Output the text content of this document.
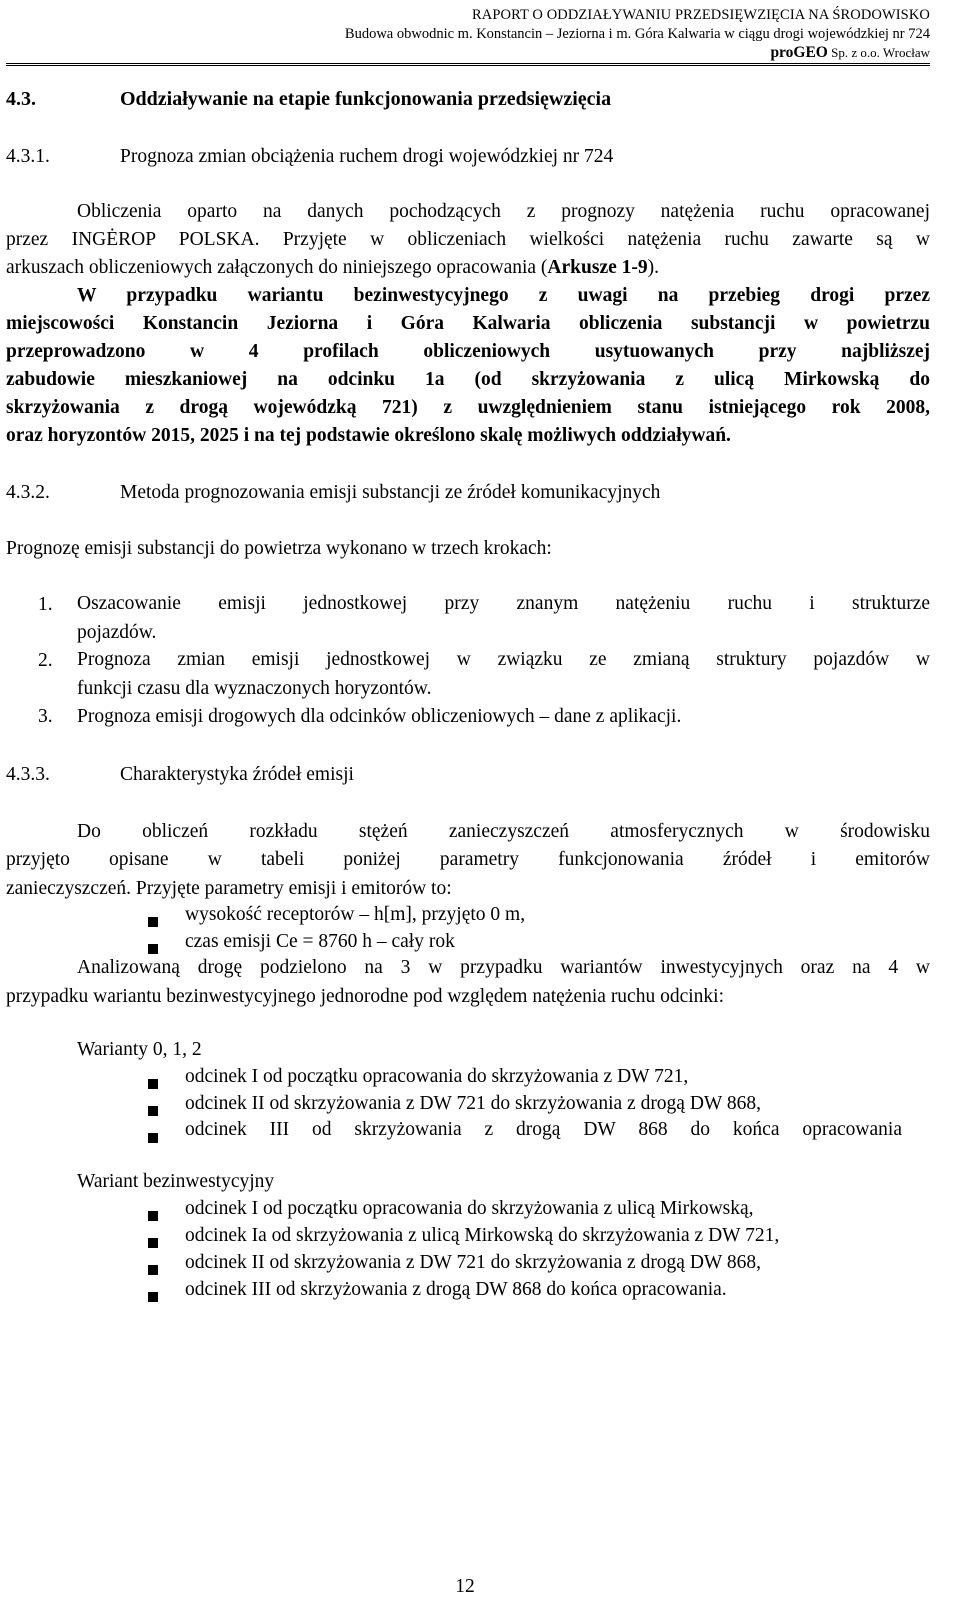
RAPORT O ODDZIAŁYWANIU PRZEDSIĘWZIĘCIA NA ŚRODOWISKO
Budowa obwodnic m. Konstancin – Jeziorna i m. Góra Kalwaria w ciągu drogi wojewódzkiej nr 724
proGEO Sp. z o.o. Wrocław
4.3.	Oddziaływanie na etapie funkcjonowania przedsięwzięcia
4.3.1.	Prognoza zmian obciążenia ruchem drogi wojewódzkiej nr 724
Obliczenia oparto na danych pochodzących z prognozy natężenia ruchu opracowanej
przez INGĖROP POLSKA. Przyjęte w obliczeniach wielkości natężenia ruchu zawarte są w
arkuszach obliczeniowych załączonych do niniejszego opracowania (Arkusze 1-9).
W przypadku wariantu bezinwestycyjnego z uwagi na przebieg drogi przez
miejscowości Konstancin Jeziorna i Góra Kalwaria obliczenia substancji w powietrzu
przeprowadzono w 4 profilach obliczeniowych usytuowanych przy najbliższej
zabudowie mieszkaniowej na odcinku 1a (od skrzyżowania z ulicą Mirkowską do
skrzyżowania z drogą wojewódzką 721) z uwzględnieniem stanu istniejącego rok 2008,
oraz horyzontów 2015, 2025 i na tej podstawie określono skalę możliwych oddziaływań.
4.3.2.	Metoda prognozowania emisji substancji ze źródeł komunikacyjnych
Prognozę emisji substancji do powietrza wykonano w trzech krokach:
1. Oszacowanie emisji jednostkowej przy znanym natężeniu ruchu i strukturze
pojazdów.
2. Prognoza zmian emisji jednostkowej w związku ze zmianą struktury pojazdów w
funkcji czasu dla wyznaczonych horyzontów.
3. Prognoza emisji drogowych dla odcinków obliczeniowych – dane z aplikacji.
4.3.3.	Charakterystyka źródeł emisji
Do obliczeń rozkładu stężeń zanieczyszczeń atmosferycznych w środowisku
przyjęto opisane w tabeli poniżej parametry funkcjonowania źródeł i emitorów
zanieczyszczeń. Przyjęte parametry emisji i emitorów to:
wysokość receptorów – h[m], przyjęto 0 m,
czas emisji Ce = 8760 h – cały rok
Analizowaną drogę podzielono na 3 w przypadku wariantów inwestycyjnych oraz na 4 w
przypadku wariantu bezinwestycyjnego jednorodne pod względem natężenia ruchu odcinki:
Warianty 0, 1, 2
odcinek I od początku opracowania do skrzyżowania z DW 721,
odcinek II od skrzyżowania z DW 721 do skrzyżowania z drogą DW 868,
odcinek III od skrzyżowania z drogą DW 868 do końca opracowania
Wariant bezinwestycyjny
odcinek I od początku opracowania do skrzyżowania z ulicą Mirkowską,
odcinek Ia od skrzyżowania z ulicą Mirkowską do skrzyżowania z DW 721,
odcinek II od skrzyżowania z DW 721 do skrzyżowania z drogą DW 868,
odcinek III od skrzyżowania z drogą DW 868 do końca opracowania.
12
